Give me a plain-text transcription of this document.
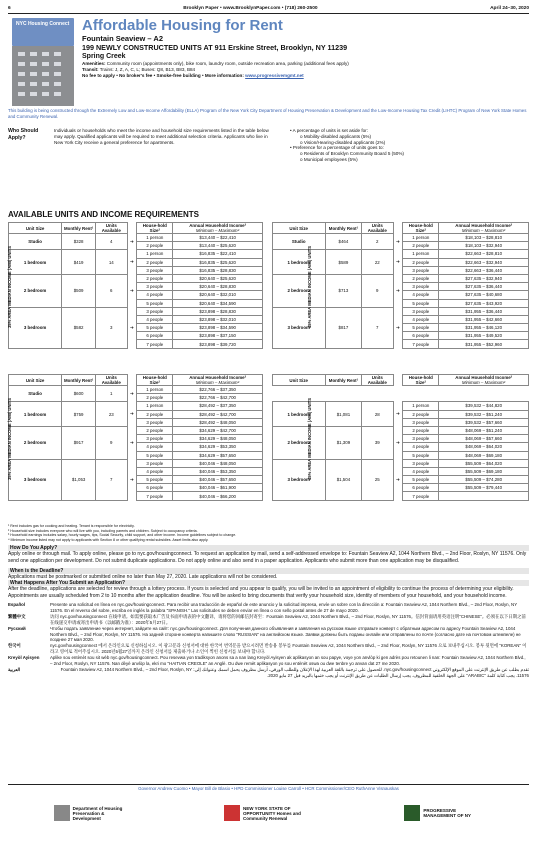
6	Brooklyn Paper • www.BrooklynPaper.com • (718) 260-2500	April 24–30, 2020
NYC Housing Connect Affordable Housing for Rent
Fountain Seaview – A2
199 NEWLY CONSTRUCTED UNITS AT 911 Erskine Street, Brooklyn, NY 11239
Spring Creek
Amenities: Community room (appointments only), bike room, laundry room, outside recreation area, parking (additional fees apply)
Transit: Trains: J, Z, A, C, L; Buses: Q8, B13, B83, B84
No fee to apply • No broker's fee • Smoke-free building • More information: www.progressivemgmt.net
This building is being constructed through the Extremely Low and Low-Income Affordability (ELLA) Program of the New York City Department of Housing Preservation & Development and the Low-Income Housing Tax Credit (LIHTC) Program of New York State Homes and Community Renewal.
Who Should Apply?
Individuals or households who meet the income and household size requirements listed in the table below may apply. Qualified applicants will be required to meet additional selection criteria. Applicants who live in New York City receive a general preference for apartments.
• A percentage of units is set aside for:
o Mobility-disabled applicants (5%)
o Vision/Hearing-disabled applicants (2%)
• Preference for a percentage of units goes to:
o Residents of Brooklyn Community Board 5 (50%)
o Municipal employees (5%)
AVAILABLE UNITS AND INCOME REQUIREMENTS
Unit Size	Monthly Rent¹	Units Available		House-hold Size²	Annual Household Income³
Minimum – Maximum⁴		Unit Size	Monthly Rent¹	Units Available		House-hold Size²	Annual Household Income³
Minimum – Maximum⁴

Studio	$328	4	➔	1 person	$13,440 – $22,410		Studio	$464	2	➔	1 person	$18,103 – $28,810
				2 people	$13,440 – $25,620						2 people	$18,103 – $32,940
1 bedroom	$419	14	➔	1 person	$16,835 – $22,410		1 bedroom	$589	22	➔	1 person	$22,663 – $28,810
				2 people	$16,835 – $25,620						2 people	$22,663 – $32,940
				3 people	$16,835 – $28,830						3 people	$22,663 – $36,440
2 bedroom	$509	6	➔	2 people	$20,640 – $25,620		2 bedroom	$713	9	➔	2 people	$27,635 – $32,940
				3 people	$20,640 – $28,830						3 people	$27,635 – $36,440
				4 people	$20,640 – $32,010						4 people	$27,635 – $40,680
				5 people	$20,640 – $34,590						5 people	$27,635 – $43,920
3 bedroom	$582	3	➔	3 people	$23,898 – $28,830		3 bedroom	$817	7	➔	3 people	$31,955 – $36,440
				4 people	$23,898 – $32,010						4 people	$31,955 – $42,660
				5 people	$23,898 – $34,590						5 people	$31,955 – $46,120
				6 people	$23,898 – $37,150						6 people	$31,955 – $49,520
				7 people	$23,898 – $39,720						7 people	$31,955 – $52,960
35% AREA MEDIAN INCOME (AMI) UNITS	45% AREA MEDIAN INCOME (AMI) UNITS
Unit Size	Monthly Rent¹	Units Available		House-hold Size²	Annual Household Income³
Minimum – Maximum⁴		Unit Size	Monthly Rent¹	Units Available		House-hold Size²	Annual Household Income³
Minimum – Maximum⁴

Studio	$600	1	➔	1 person	$22,766 – $37,350							
				2 people	$22,766 – $42,700							
1 bedroom	$759	23	➔	1 person	$28,492 – $37,350		1 bedroom	$1,081	28	➔	1 person	$39,532 – $44,820
				2 people	$28,492 – $42,700						2 people	$39,532 – $51,240
				3 people	$28,492 – $48,050						3 people	$39,532 – $57,660
2 bedroom	$917	9	➔	2 people	$34,629 – $42,700		2 bedroom	$1,309	39	➔	2 people	$48,069 – $51,240
				3 people	$34,629 – $48,050						3 people	$48,069 – $57,660
				4 people	$34,629 – $53,350						4 people	$48,069 – $64,020
				5 people	$34,629 – $57,650						5 people	$48,069 – $69,180
3 bedroom	$1,053	7	➔	3 people	$40,046 – $48,050		3 bedroom	$1,504	25	➔	3 people	$55,509 – $64,020
				4 people	$40,046 – $53,350						4 people	$55,509 – $69,180
				5 people	$40,046 – $57,650						5 people	$55,509 – $74,280
				6 people	$40,046 – $61,900						6 people	$55,509 – $79,440
				7 people	$40,046 – $66,200						7 people	
35% AREA MEDIAN INCOME (AMI) UNITS	45% AREA MEDIAN INCOME (AMI) UNITS
¹ Rent includes gas for cooking and heating. Tenant is responsible for electricity.
² Household size includes everyone who will live with you, including parents and children. Subject to occupancy criteria.
³ Household earnings includes salary, hourly wages, tips, Social Security, child support, and other income. Income guidelines subject to change.
⁴ Minimum income listed may not apply to applicants with Section 8 or other qualifying rental subsidies. Asset limits also apply.
How Do You Apply?
Apply online or through mail. To apply online, please go to nyc.gov/housingconnect. To request an application by mail, send a self-addressed envelope to: Fountain Seaview A2, 1044 Northern Blvd., – 2nd Floor, Roslyn, NY 11576. Only send one application per development. Do not submit duplicate applications. Do not apply online and also send in a paper application. Applicants who submit more than one application may be disqualified.
When is the Deadline?
Applications must be postmarked or submitted online no later than May 27, 2020. Late applications will not be considered.
What Happens After You Submit an Application?
After the deadline, applications are selected for review through a lottery process. If yours is selected and you appear to qualify, you will be invited to an appointment of eligibility to continue the process of determining your eligibility. Appointments are usually scheduled from 2 to 10 months after the application deadline. You will be asked to bring documents that verify your household size, identity of members of your household, and your household income.
Español	Presente una solicitud en línea en nyc.gov/housingconnect. Para recibir una traducción de español de este anuncio y la solicitud impresa, envíe un sobre con la dirección a: Fountain Seaview A2, 1044 Northern Blvd., – 2nd Floor, Roslyn, NY 11576. En el reverso del sobre, escriba en inglés la palabra "SPANISH." Las solicitudes se deben enviar en línea o con sello postal antes de 27 de mayo 2020.
繁體中文	访问 nyc.gov/housingconnect 在线申请。如需要获取本广告及书面申请表的中文翻译，请将您的回邮信封寄至：Fountain Seaview A2, 1044 Northern Blvd., – 2nd Floor, Roslyn, NY 11576。信封背面请用英语注明"CHINESE"。必须在以下日期之前在线递交申请或寄出申请书（以邮戳为准）：2020年5月27日。
Русский	Чтобы подать заявление через интернет, зайдите на сайт: nyc.gov/housingconnect. Для получения данного объявления и заявления на русском языке отправьте конверт с обратным адресом по адресу Fountain Seaview A2, 1044 Northern Blvd., – 2nd Floor, Roslyn, NY 11576. На задней стороне конверта напишите слово "RUSSIAN" на английском языке. Заявки должны быть поданы онлайн или отправлены по почте (согласно дате на почтовом штемпеле) не позднее 27 мая 2020.
한국어	nyc.gov/housingconnect 에서 온라인으로 신청하십시오. 이 광고문과 신청서에 대한 한국어 번역문을 받으시려면 반송용 봉투를 Fountain Seaview A2, 1044 Northern Blvd., – 2nd Floor, Roslyn, NY 11576 으로 보내주십시오. 봉투 뒷면에 "KOREAN" 이라고 영어로 적어주십시오. 2020년5월27일까지 온라인 신청서를 제출하거나 소인이 찍힌 신청서를 보내야 합니다.
Kreyòl Ayisyen	Aplike sou entènèt sou sit wèb nyc.gov/housingconnect. Pou resevwa yon tradiksyon anons sa a nan lang Kreyòl Ayisyen ak aplikasyon an sou papye, voye yon anvlòp ki gen adrès pou retounen li nan: Fountain Seaview A2, 1044 Northern Blvd., – 2nd Floor, Roslyn, NY 11576. Nan dèyè anvlòp la, ekri mo "HAITIAN CREOLE" an Anglè. Ou dwe remèt aplikasyon yo sou entènèt oswa ou dwe tenbre yo anvan dat 27 me 2020.
العربية	تقدم بطلب عن طريق الإنترنت على الموقع الإلكتروني nyc.gov/housingconnect. للحصول على ترجمة باللغة العربية لهذا الإعلان وللطلب الورقي، أرسل مظروف يحمل اسمك وعنوانك إلى: Fountain Seaview A2, 1044 Northern Blvd., – 2nd Floor, Roslyn, NY 11576. يجب كتابة كلمة "ARABIC" على الجهة الخلفية للمظروف. يجب إرسال الطلبات عن طريق الإنترنت أو يجب ختمها بالبريد قبل 27 مايو 2020.
Governor Andrew Cuomo • Mayor Bill de Blasio • HPD Commissioner Louise Carroll • HCR Commissioner/CEO RuthAnne Visnauskas
Department of Housing Preservation & Development
NEW YORK STATE OF OPPORTUNITY Homes and Community Renewal
PROGRESSIVE MANAGEMENT OF NY
